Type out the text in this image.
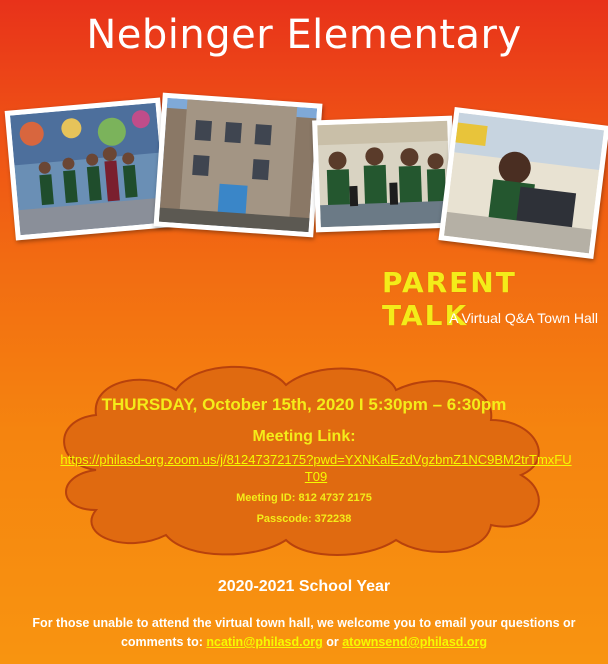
Nebinger Elementary
PARENT TALK
A Virtual Q&A Town Hall
THURSDAY, October 15th, 2020 I 5:30pm – 6:30pm
Meeting Link:
https://philasd-org.zoom.us/j/81247372175?pwd=YXNKalEzdVgzbmZ1NC9BM2trTmxFUT09
Meeting ID: 812 4737 2175
Passcode: 372238
2020-2021 School Year
For those unable to attend the virtual town hall, we welcome you to email your questions or comments to: ncatin@philasd.org or atownsend@philasd.org
